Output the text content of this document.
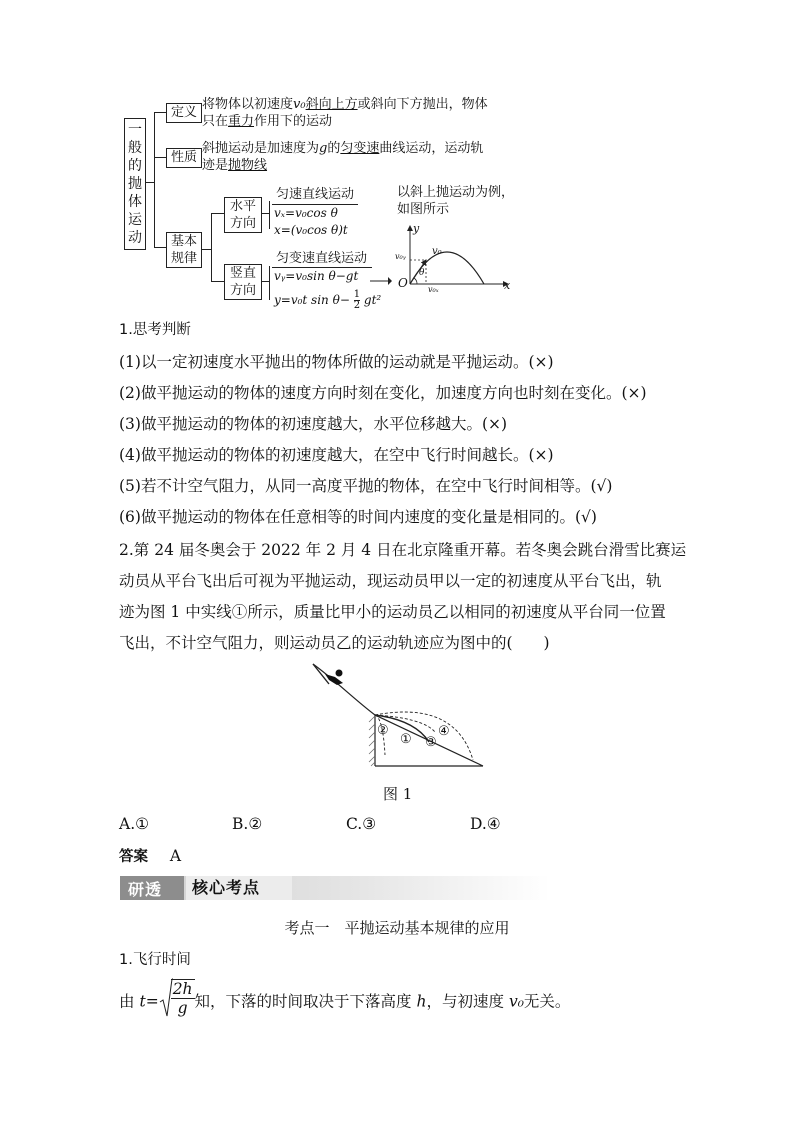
一般的抛体运动
定义
将物体以初速度v₀斜向上方或斜向下方抛出，物体
只在重力作用下的运动
性质
斜抛运动是加速度为g的匀变速曲线运动，运动轨
迹是抛物线
基本规律
水平方向
匀速直线运动
vₓ=v₀cos θ
x=(v₀cos θ)t
竖直方向
匀变速直线运动
vᵧ=v₀sin θ−gt
y=v₀t $\sin \theta- \frac{1}{2} gt^2$
以斜上抛运动为例，
如图所示
y
x
O
v₀
v₀ᵧ
v₀ₓ
θ
1.思考判断
(1)以一定初速度水平抛出的物体所做的运动就是平抛运动。(×)
(2)做平抛运动的物体的速度方向时刻在变化，加速度方向也时刻在变化。(×)
(3)做平抛运动的物体的初速度越大，水平位移越大。(×)
(4)做平抛运动的物体的初速度越大，在空中飞行时间越长。(×)
(5)若不计空气阻力，从同一高度平抛的物体，在空中飞行时间相等。(√)
(6)做平抛运动的物体在任意相等的时间内速度的变化量是相同的。(√)
2.第 24 届冬奥会于 2022 年 2 月 4 日在北京隆重开幕。若冬奥会跳台滑雪比赛运
动员从平台飞出后可视为平抛运动，现运动员甲以一定的初速度从平台飞出，轨
迹为图 1 中实线①所示，质量比甲小的运动员乙以相同的初速度从平台同一位置
飞出，不计空气阻力，则运动员乙的运动轨迹应为图中的(　　)
②
① ③
④
图 1
A.①	B.②	C.③	D.④
答案 A
研透	核心考点
考点一　平抛运动基本规律的应用
1.飞行时间
由 $t= \frac{2h}{g}$ 知，下落的时间取决于下落高度 h，与初速度 v₀无关。
